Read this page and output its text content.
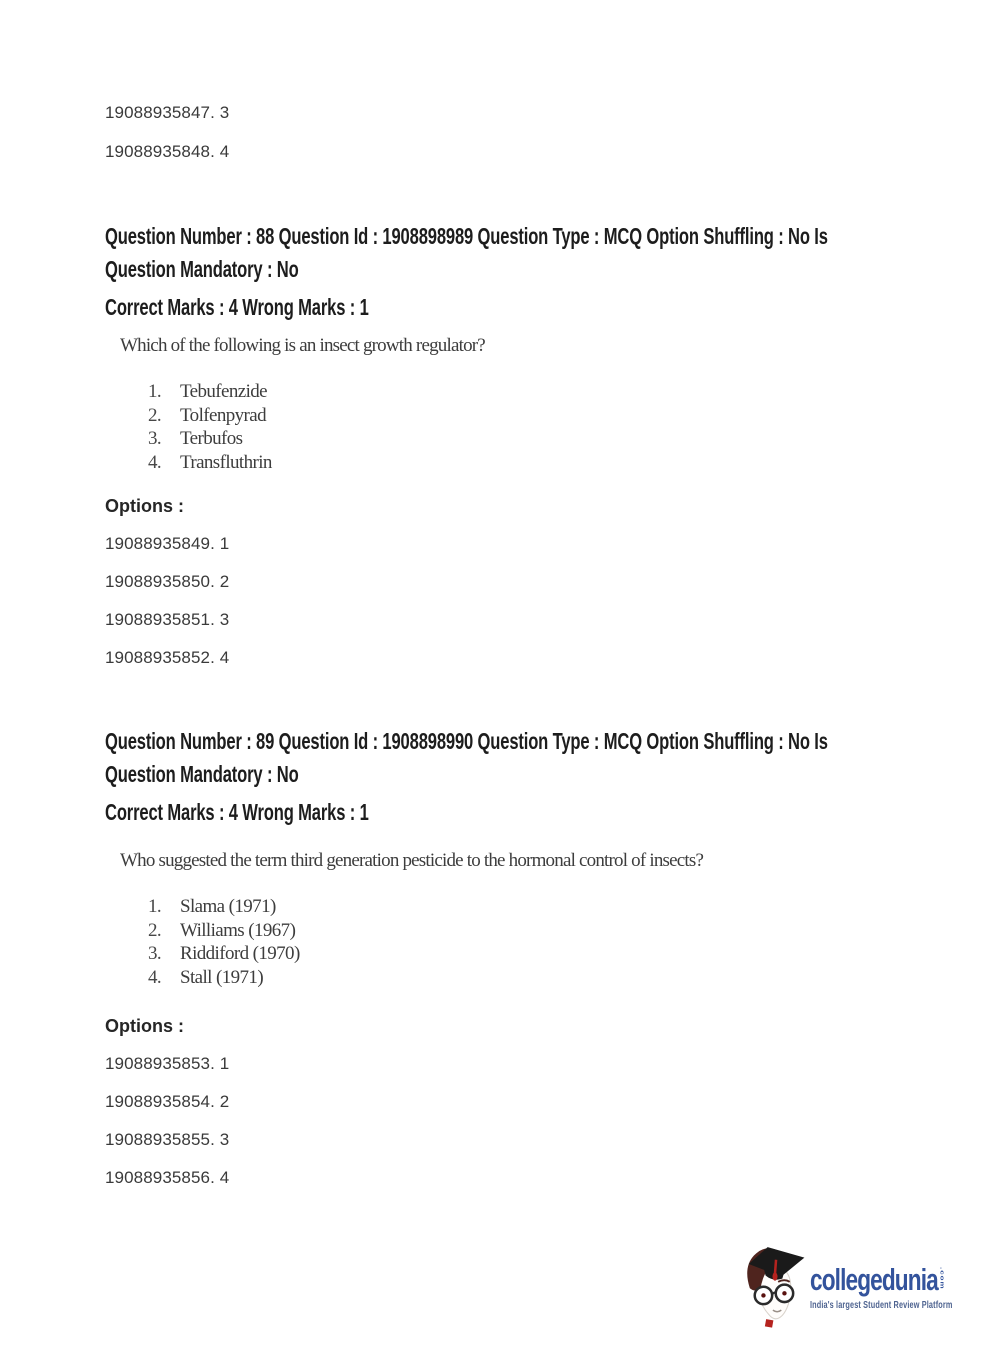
19088935847. 3
19088935848. 4
Question Number : 88 Question Id : 1908898989 Question Type : MCQ Option Shuffling : No Is
Question Mandatory : No
Correct Marks : 4 Wrong Marks : 1
Which of the following is an insect growth regulator?
1. Tebufenzide
2. Tolfenpyrad
3. Terbufos
4. Transfluthrin
Options :
19088935849. 1
19088935850. 2
19088935851. 3
19088935852. 4
Question Number : 89 Question Id : 1908898990 Question Type : MCQ Option Shuffling : No Is
Question Mandatory : No
Correct Marks : 4 Wrong Marks : 1
Who suggested the term third generation pesticide to the hormonal control of insects?
1. Slama (1971)
2. Williams (1967)
3. Riddiford (1970)
4. Stall (1971)
Options :
19088935853. 1
19088935854. 2
19088935855. 3
19088935856. 4
collegedunia .com
India's largest Student Review Platform
